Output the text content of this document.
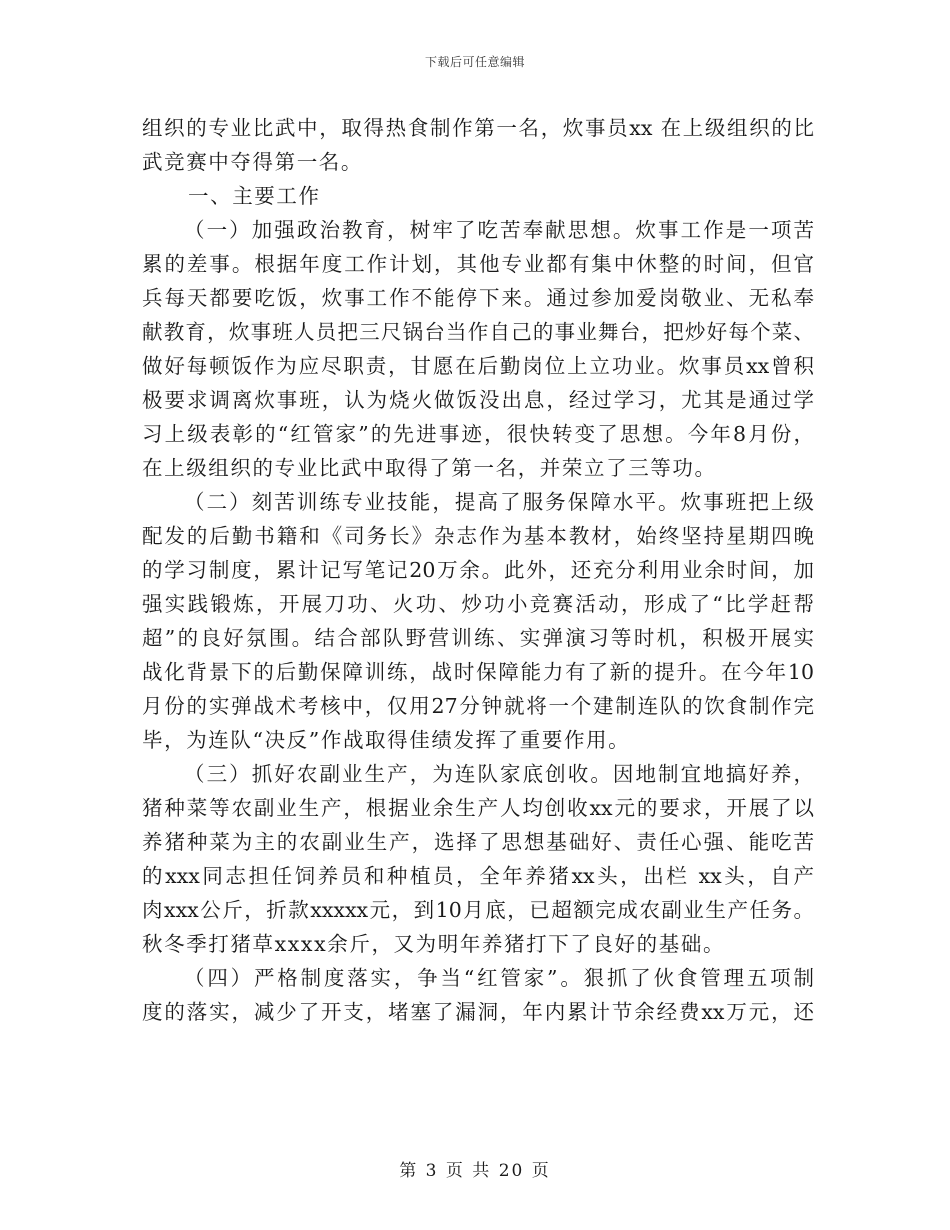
下载后可任意编辑
组织的专业比武中，取得热食制作第一名，炊事员xx 在上级组织的比
武竞赛中夺得第一名。
一、主要工作
（一）加强政治教育，树牢了吃苦奉献思想。炊事工作是一项苦
累的差事。根据年度工作计划，其他专业都有集中休整的时间，但官
兵每天都要吃饭，炊事工作不能停下来。通过参加爱岗敬业、无私奉
献教育，炊事班人员把三尺锅台当作自己的事业舞台，把炒好每个菜、
做好每顿饭作为应尽职责，甘愿在后勤岗位上立功业。炊事员xx曾积
极要求调离炊事班，认为烧火做饭没出息，经过学习，尤其是通过学
习上级表彰的“红管家”的先进事迹，很快转变了思想。今年8月份，
在上级组织的专业比武中取得了第一名，并荣立了三等功。
（二）刻苦训练专业技能，提高了服务保障水平。炊事班把上级
配发的后勤书籍和《司务长》杂志作为基本教材，始终坚持星期四晚
的学习制度，累计记写笔记20万余。此外，还充分利用业余时间，加
强实践锻炼，开展刀功、火功、炒功小竞赛活动，形成了“比学赶帮
超”的良好氛围。结合部队野营训练、实弹演习等时机，积极开展实
战化背景下的后勤保障训练，战时保障能力有了新的提升。在今年10
月份的实弹战术考核中，仅用27分钟就将一个建制连队的饮食制作完
毕，为连队“决反”作战取得佳绩发挥了重要作用。
（三）抓好农副业生产，为连队家底创收。因地制宜地搞好养，
猪种菜等农副业生产，根据业余生产人均创收xx元的要求，开展了以
养猪种菜为主的农副业生产，选择了思想基础好、责任心强、能吃苦
的xxx同志担任饲养员和种植员，全年养猪xx头，出栏 xx头，自产
肉xxx公斤，折款xxxxx元，到10月底，已超额完成农副业生产任务。
秋冬季打猪草xxxx余斤，又为明年养猪打下了良好的基础。
（四）严格制度落实，争当“红管家”。狠抓了伙食管理五项制
度的落实，减少了开支，堵塞了漏洞，年内累计节余经费xx万元，还
第 3 页 共 20 页
